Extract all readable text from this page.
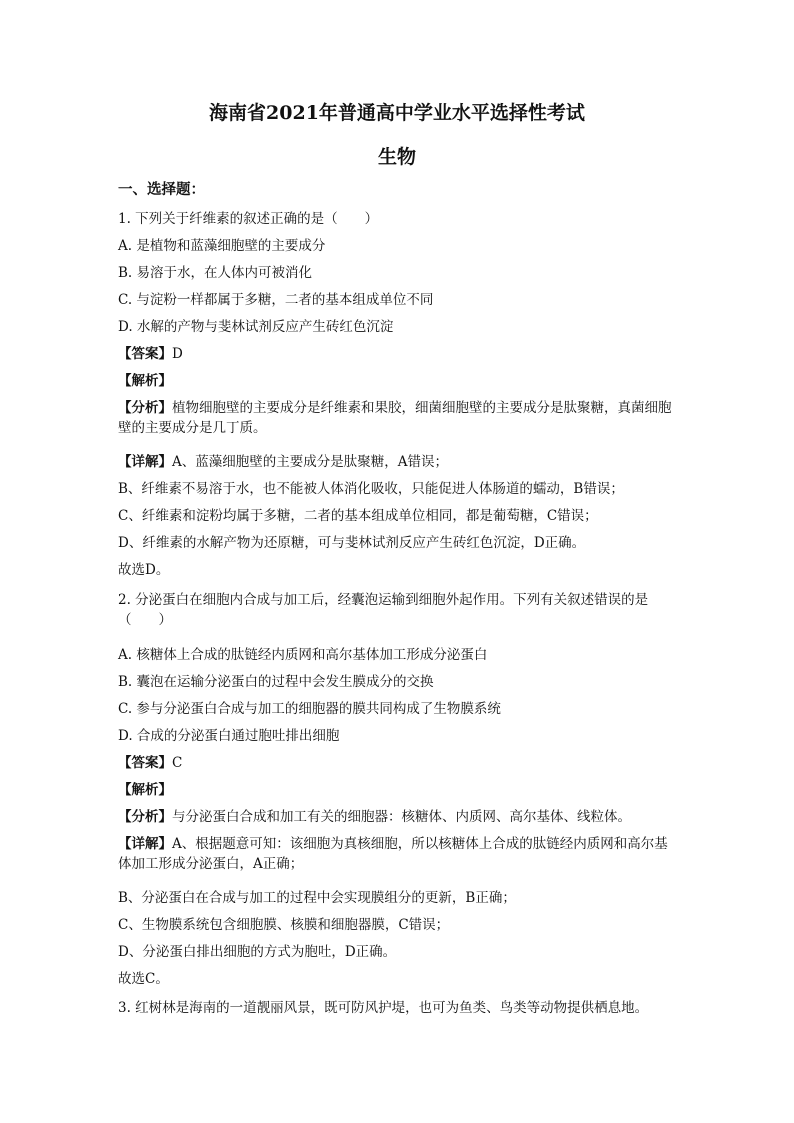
海南省2021年普通高中学业水平选择性考试
生物
一、选择题：
1. 下列关于纤维素的叙述正确的是（　　）
A. 是植物和蓝藻细胞壁的主要成分
B. 易溶于水，在人体内可被消化
C. 与淀粉一样都属于多糖，二者的基本组成单位不同
D. 水解的产物与斐林试剂反应产生砖红色沉淀
【答案】D
【解析】
【分析】植物细胞壁的主要成分是纤维素和果胶，细菌细胞壁的主要成分是肽聚糖，真菌细胞壁的主要成分是几丁质。
【详解】A、蓝藻细胞壁的主要成分是肽聚糖，A错误；
B、纤维素不易溶于水，也不能被人体消化吸收，只能促进人体肠道的蠕动，B错误；
C、纤维素和淀粉均属于多糖，二者的基本组成单位相同，都是葡萄糖，C错误；
D、纤维素的水解产物为还原糖，可与斐林试剂反应产生砖红色沉淀，D正确。
故选D。
2. 分泌蛋白在细胞内合成与加工后，经囊泡运输到细胞外起作用。下列有关叙述错误的是（　　）
A. 核糖体上合成的肽链经内质网和高尔基体加工形成分泌蛋白
B. 囊泡在运输分泌蛋白的过程中会发生膜成分的交换
C. 参与分泌蛋白合成与加工的细胞器的膜共同构成了生物膜系统
D. 合成的分泌蛋白通过胞吐排出细胞
【答案】C
【解析】
【分析】与分泌蛋白合成和加工有关的细胞器：核糖体、内质网、高尔基体、线粒体。
【详解】A、根据题意可知：该细胞为真核细胞，所以核糖体上合成的肽链经内质网和高尔基体加工形成分泌蛋白，A正确；
B、分泌蛋白在合成与加工的过程中会实现膜组分的更新，B正确；
C、生物膜系统包含细胞膜、核膜和细胞器膜，C错误；
D、分泌蛋白排出细胞的方式为胞吐，D正确。
故选C。
3. 红树林是海南的一道靓丽风景，既可防风护堤，也可为鱼类、鸟类等动物提供栖息地。
